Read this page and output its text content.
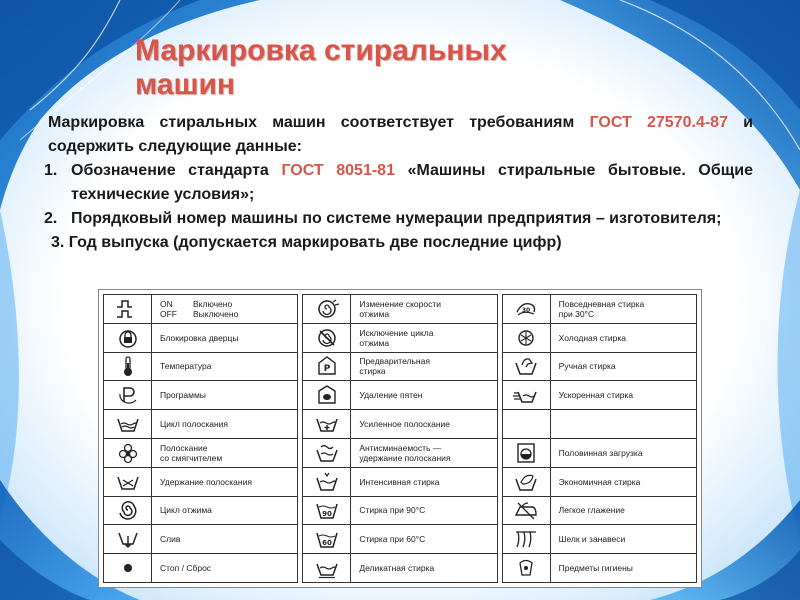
Маркировка стиральных машин

Маркировка стиральных машин соответствует требованиям ГОСТ 27570.4-87 и содержить следующие данные:

1. Обозначение стандарта ГОСТ 8051-81 «Машины стиральные бытовые. Общие технические условия»;
2. Порядковый номер машины по системе нумерации предприятия – изготовителя;

3. Год выпуска (допускается маркировать две последние цифр)

ON
OFF
Включено
Выключено
Блокировка дверцы
Температура
Программы
Цикл полоскания
Полоскание
со смягчителем
Удержание полоскания
Цикл отжима
Слив
Стоп / Сброс
Изменение скорости
отжима
Исключение цикла
отжима
P
Предварительная
стирка
Удаление пятен
Усиленное полоскание
Антисминаемость —
удержание полоскания
Интенсивная стирка
90	Стирка при 90°C
60	Стирка при 60°C
Деликатная стирка
30
Повседневная стирка
при 30°C
Холодная стирка
Ручная стирка
Ускоренная стирка
Половинная загрузка
Экономичная стирка
Легкое глажение
Шелк и занавеси
Предметы гигиены
